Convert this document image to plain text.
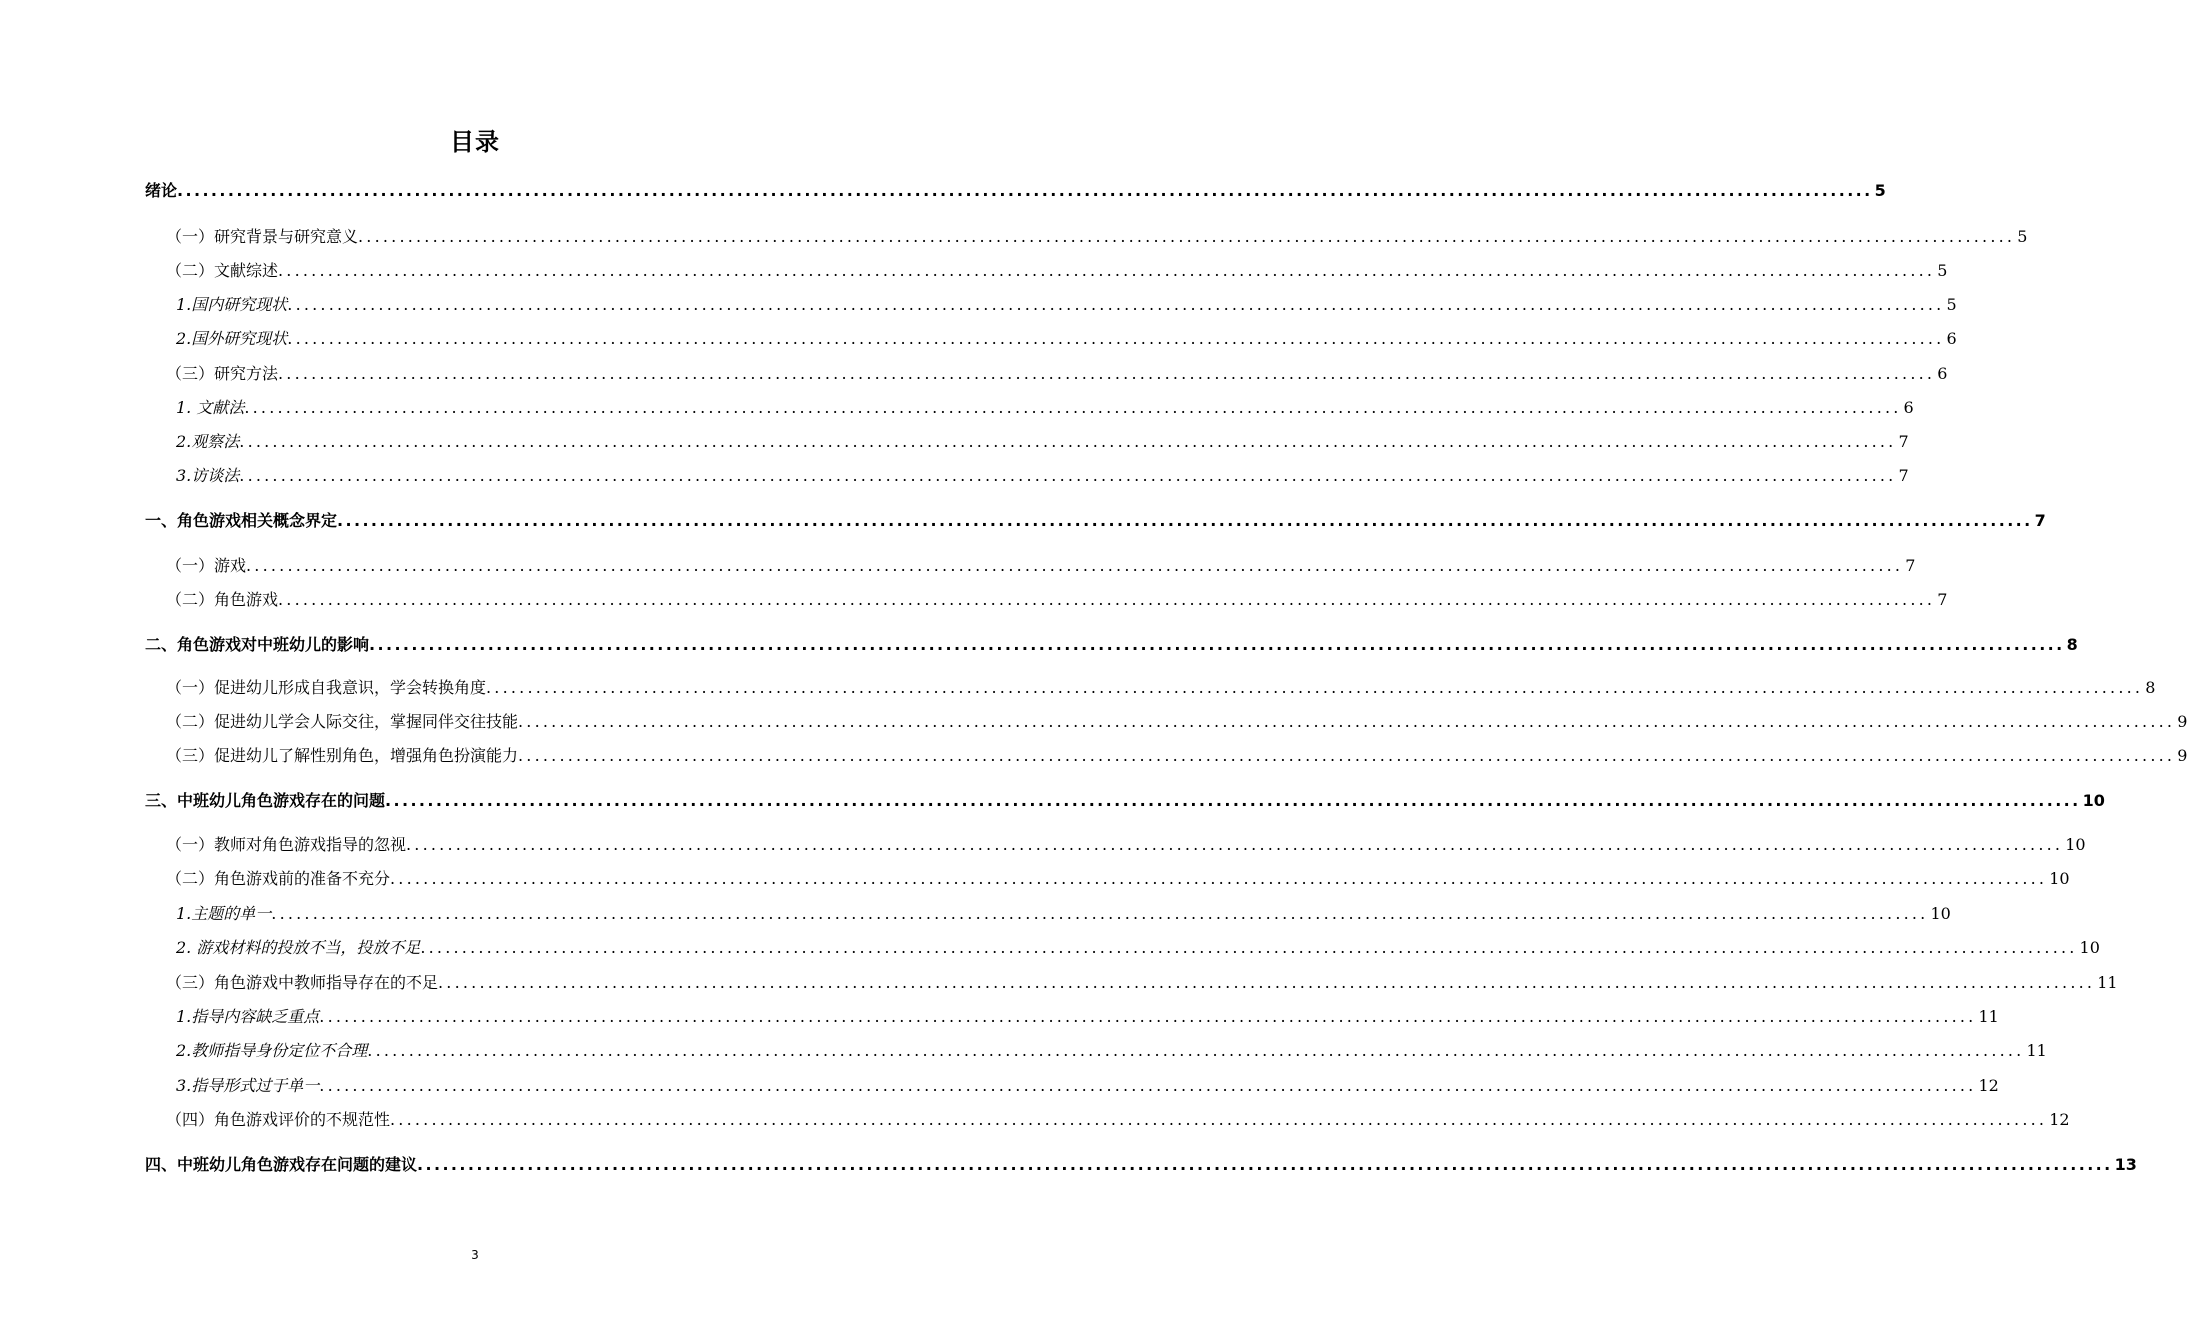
目录
绪论 ........................................................................................................................................................................................................ 5
（一）研究背景与研究意义 ........................................................................................................................................................................................................ 5
（二）文献综述 ........................................................................................................................................................................................................ 5
1.国内研究现状 ........................................................................................................................................................................................................ 5
2.国外研究现状 ........................................................................................................................................................................................................ 6
（三）研究方法 ........................................................................................................................................................................................................ 6
1. 文献法 ........................................................................................................................................................................................................ 6
2.观察法 ........................................................................................................................................................................................................ 7
3.访谈法 ........................................................................................................................................................................................................ 7
一、角色游戏相关概念界定 ........................................................................................................................................................................................................ 7
（一）游戏 ........................................................................................................................................................................................................ 7
（二）角色游戏 ........................................................................................................................................................................................................ 7
二、角色游戏对中班幼儿的影响 ........................................................................................................................................................................................................ 8
（一）促进幼儿形成自我意识，学会转换角度 ........................................................................................................................................................................................................ 8
（二）促进幼儿学会人际交往，掌握同伴交往技能 ........................................................................................................................................................................................................ 9
（三）促进幼儿了解性别角色，增强角色扮演能力 ........................................................................................................................................................................................................ 9
三、中班幼儿角色游戏存在的问题 ........................................................................................................................................................................................................ 10
（一）教师对角色游戏指导的忽视 ........................................................................................................................................................................................................ 10
（二）角色游戏前的准备不充分 ........................................................................................................................................................................................................ 10
1.主题的单一 ........................................................................................................................................................................................................ 10
2. 游戏材料的投放不当，投放不足 ........................................................................................................................................................................................................ 10
（三）角色游戏中教师指导存在的不足 ........................................................................................................................................................................................................ 11
1.指导内容缺乏重点 ........................................................................................................................................................................................................ 11
2.教师指导身份定位不合理 ........................................................................................................................................................................................................ 11
3.指导形式过于单一 ........................................................................................................................................................................................................ 12
（四）角色游戏评价的不规范性 ........................................................................................................................................................................................................ 12
四、中班幼儿角色游戏存在问题的建议 ........................................................................................................................................................................................................ 13
3
